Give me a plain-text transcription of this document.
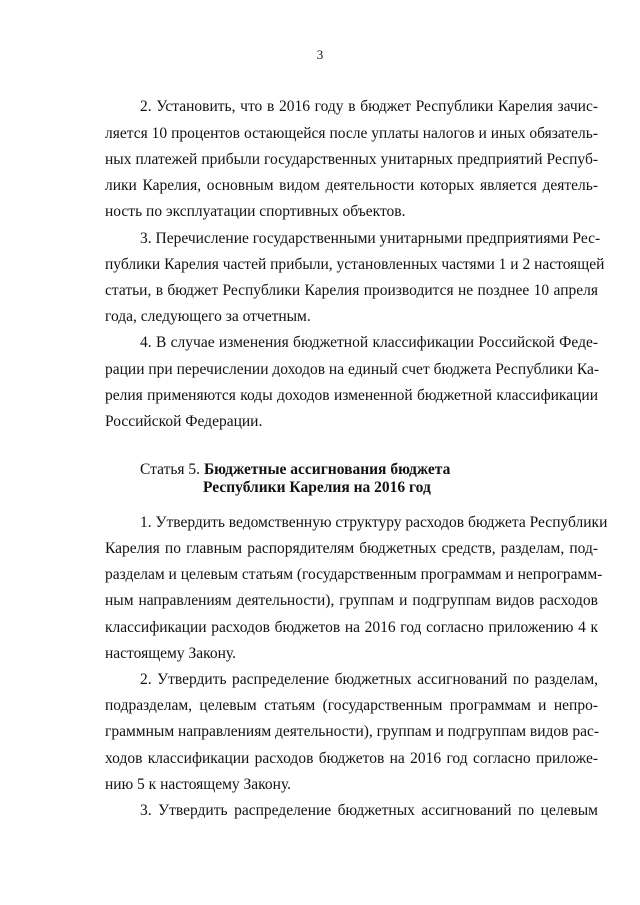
3
2. Установить, что в 2016 году в бюджет Республики Карелия зачис-
ляется 10 процентов остающейся после уплаты налогов и иных обязатель-
ных платежей прибыли государственных унитарных предприятий Респуб-
лики Карелия, основным видом деятельности которых является деятель-
ность по эксплуатации спортивных объектов.
3. Перечисление государственными унитарными предприятиями Рес-
публики Карелия частей прибыли, установленных частями 1 и 2 настоящей
статьи, в бюджет Республики Карелия производится не позднее 10 апреля
года, следующего за отчетным.
4. В случае изменения бюджетной классификации Российской Феде-
рации при перечислении доходов на единый счет бюджета Республики Ка-
релия применяются коды доходов измененной бюджетной классификации
Российской Федерации.
Статья 5. Бюджетные ассигнования бюджета
Республики Карелия на 2016 год
1. Утвердить ведомственную структуру расходов бюджета Республики
Карелия по главным распорядителям бюджетных средств, разделам, под-
разделам и целевым статьям (государственным программам и непрограмм-
ным направлениям деятельности), группам и подгруппам видов расходов
классификации расходов бюджетов на 2016 год согласно приложению 4 к
настоящему Закону.
2. Утвердить распределение бюджетных ассигнований по разделам,
подразделам, целевым статьям (государственным программам и непро-
граммным направлениям деятельности), группам и подгруппам видов рас-
ходов классификации расходов бюджетов на 2016 год согласно приложе-
нию 5 к настоящему Закону.
3. Утвердить распределение бюджетных ассигнований по целевым
